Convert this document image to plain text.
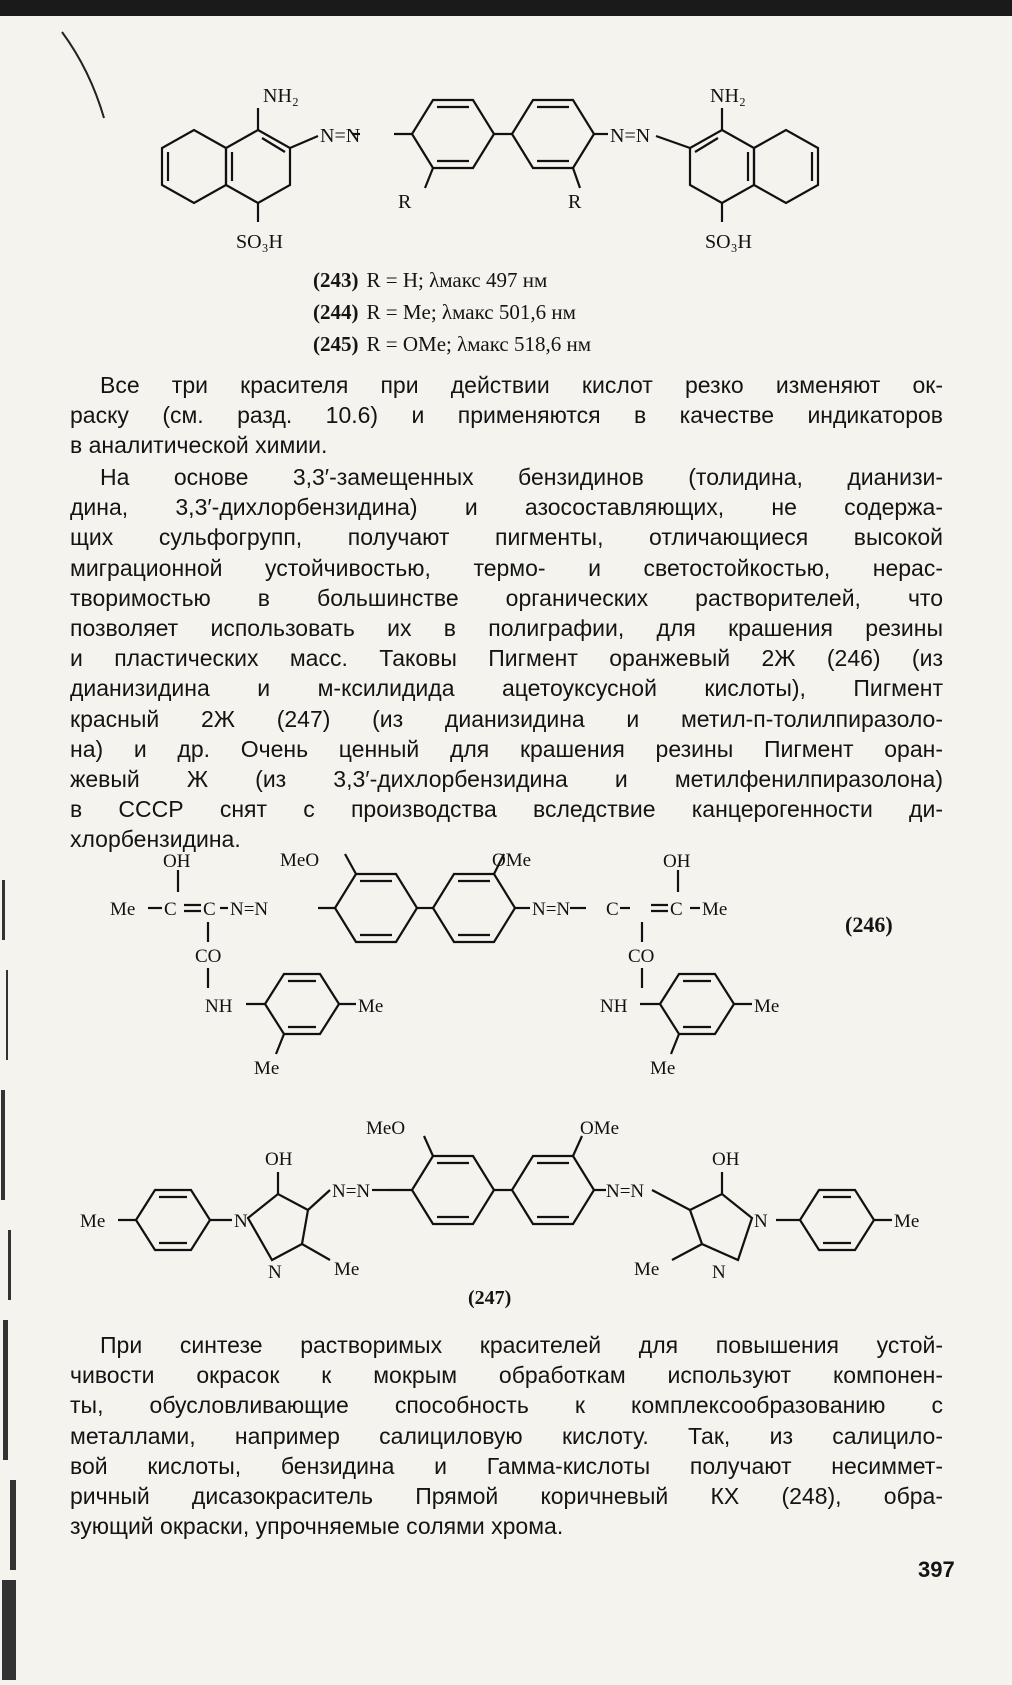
NH₂	NH₂
N=N	N=N
R	R
SO₃H	SO₃H
(243) R = H; λмакс 497 нм
(244) R = Me; λмакс 501,6 нм
(245) R = OMe; λмакс 518,6 нм
Все три красителя при действии кислот резко изменяют ок-
раску (см. разд. 10.6) и применяются в качестве индикаторов
в аналитической химии.
На основе 3,3′-замещенных бензидинов (толидина, дианизи-
дина, 3,3′-дихлорбензидина) и азосоставляющих, не содержа-
щих сульфогрупп, получают пигменты, отличающиеся высокой
миграционной устойчивостью, термо- и светостойкостью, нерас-
творимостью в большинстве органических растворителей, что
позволяет использовать их в полиграфии, для крашения резины
и пластических масс. Таковы Пигмент оранжевый 2Ж (246) (из
дианизидина и м-ксилидида ацетоуксусной кислоты), Пигмент
красный 2Ж (247) (из дианизидина и метил-п-толилпиразоло-
на) и др. Очень ценный для крашения резины Пигмент оран-
жевый Ж (из 3,3′-дихлорбензидина и метилфенилпиразолона)
в СССР снят с производства вследствие канцерогенности ди-
хлорбензидина.
Me C C N=N
OH
CO
NH	Me
Me
MeO	OMe
N=N C	C Me
OH
CO
NH	Me
Me
(246)
Me	N
N
OH
Me
N=N
MeO	OMe
N=N
OH
N
N
Me
Me
(247)
При синтезе растворимых красителей для повышения устой-
чивости окрасок к мокрым обработкам используют компонен-
ты, обусловливающие способность к комплексообразованию с
металлами, например салициловую кислоту. Так, из салицило-
вой кислоты, бензидина и Гамма-кислоты получают несиммет-
ричный дисазокраситель Прямой коричневый КХ (248), обра-
зующий окраски, упрочняемые солями хрома.
397
